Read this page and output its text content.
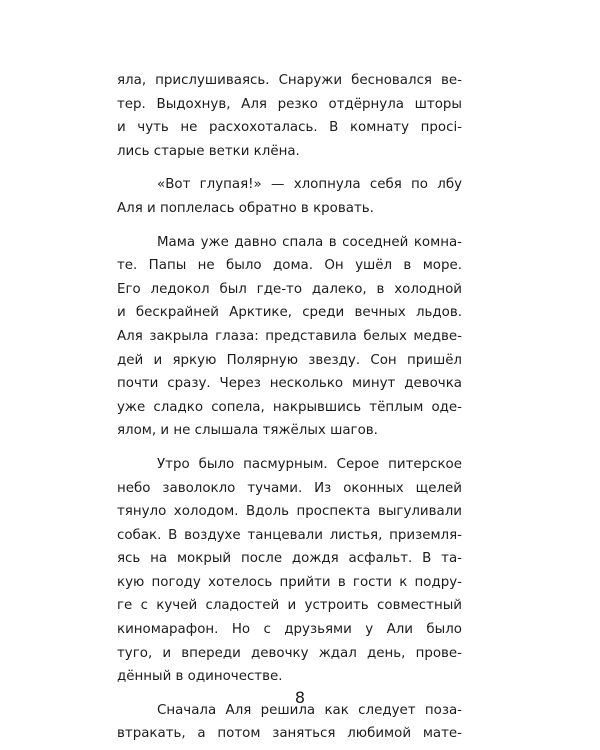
яла, прислушиваясь. Снаружи бесновался ве-
тер. Выдохнув, Аля резко отдёрнула шторы
и чуть не расхохоталась. В комнату просі-
лись старые ветки клёна.
«Вот глупая!» — хлопнула себя по лбу
Аля и поплелась обратно в кровать.
Мама уже давно спала в соседней комна-
те. Папы не было дома. Он ушёл в море.
Его ледокол был где-то далеко, в холодной
и бескрайней Арктике, среди вечных льдов.
Аля закрыла глаза: представила белых медве-
дей и яркую Полярную звезду. Сон пришёл
почти сразу. Через несколько минут девочка
уже сладко сопела, накрывшись тёплым оде-
ялом, и не слышала тяжёлых шагов.
Утро было пасмурным. Серое питерское
небо заволокло тучами. Из оконных щелей
тянуло холодом. Вдоль проспекта выгуливали
собак. В воздухе танцевали листья, приземля-
ясь на мокрый после дождя асфальт. В та-
кую погоду хотелось прийти в гости к подру-
ге с кучей сладостей и устроить совместный
киномарафон. Но с друзьями у Али было
туго, и впереди девочку ждал день, прове-
дённый в одиночестве.
Сначала Аля решила как следует поза-
втракать, а потом заняться любимой мате-
8
